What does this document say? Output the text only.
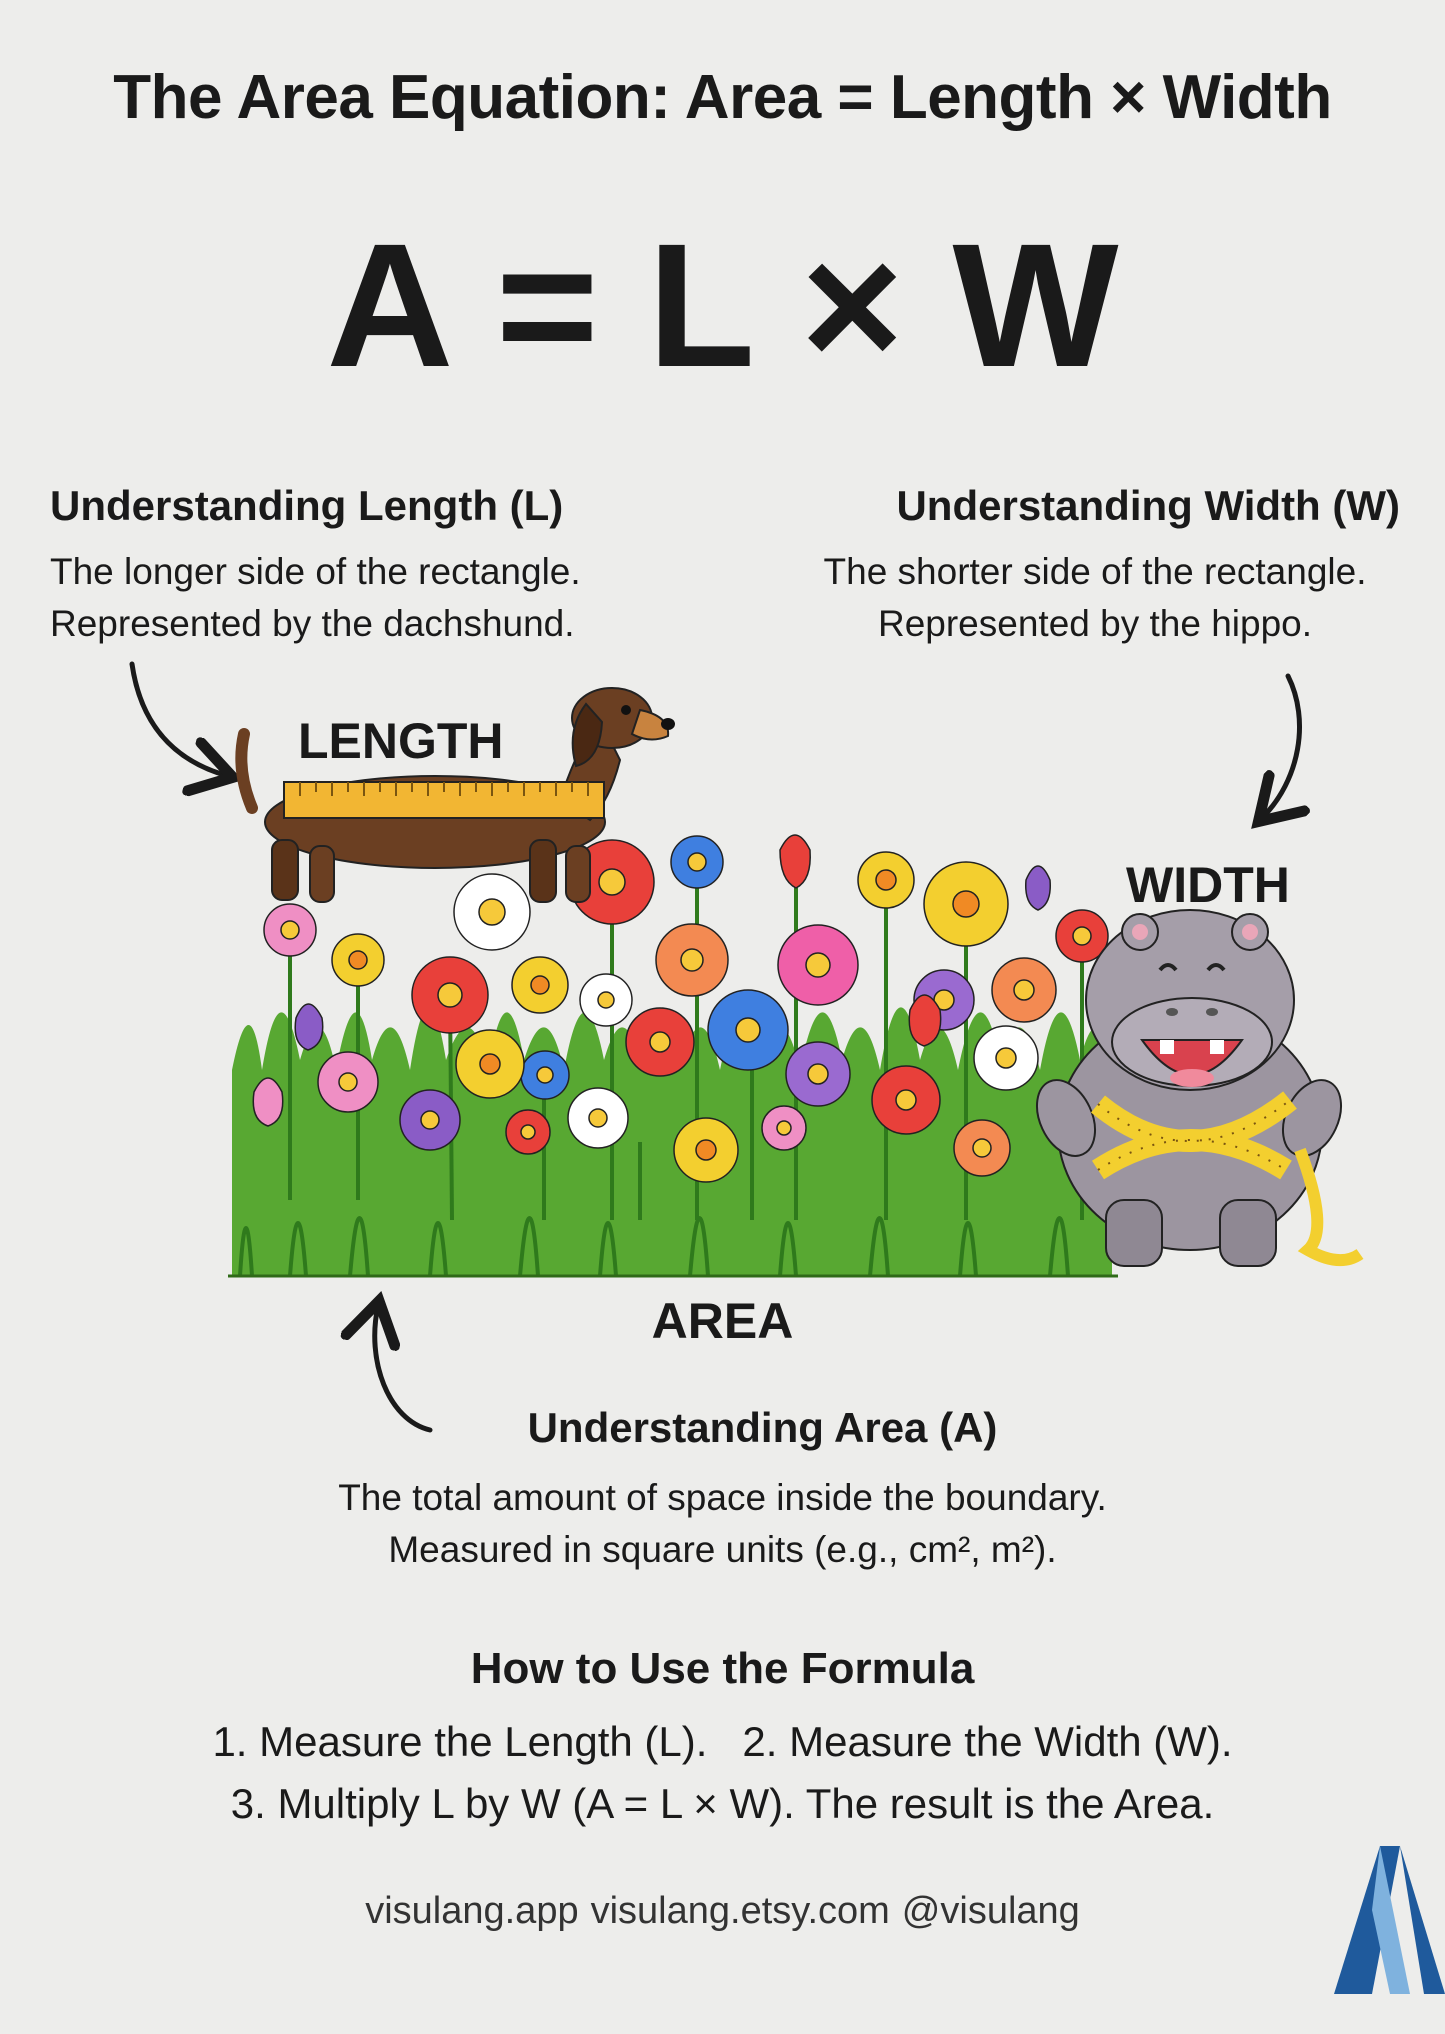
The Area Equation: Area = Length × Width
A = L × W
Understanding Length (L)
The longer side of the rectangle.
Represented by the dachshund.
Understanding Width (W)
The shorter side of the rectangle.
Represented by the hippo.
LENGTH
WIDTH
AREA
Understanding Area (A)
The total amount of space inside the boundary.
Measured in square units (e.g., cm², m²).
How to Use the Formula
1. Measure the Length (L). 2. Measure the Width (W).
3. Multiply L by W (A = L × W). The result is the Area.
visulang.app visulang.etsy.com @visulang
